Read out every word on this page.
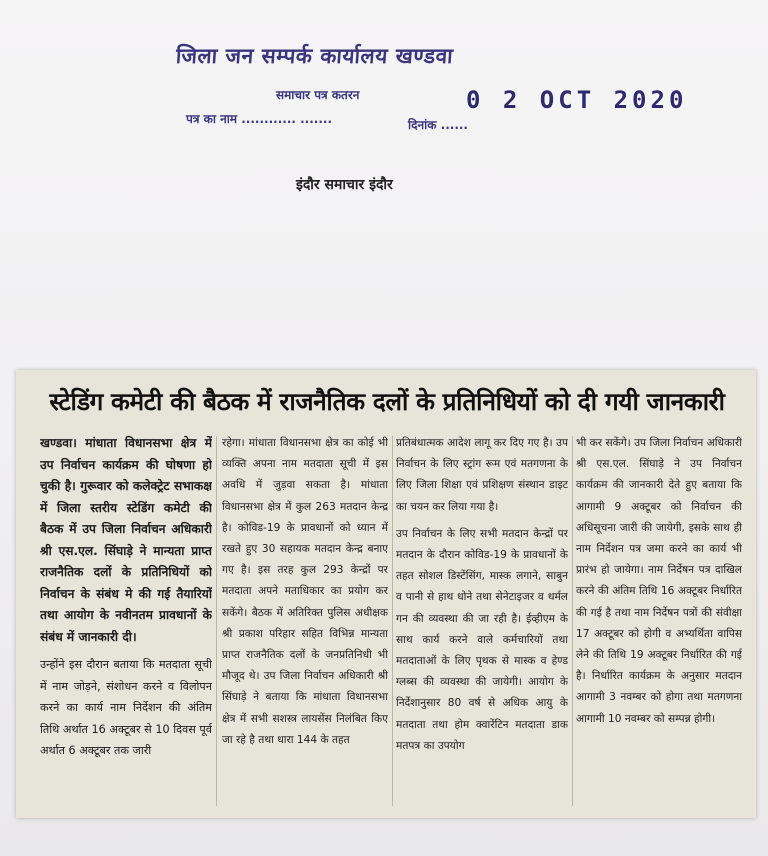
जिला जन सम्पर्क कार्यालय खण्डवा
समाचार पत्र कतरन	0 2 OCT 2020
पत्र का नाम ............ .......	दिनांक ......
इंदौर समाचार इंदौर
स्टेडिंग कमेटी की बैठक में राजनैतिक दलों के प्रतिनिधियों को दी गयी जानकारी

खण्डवा। मांधाता विधानसभा क्षेत्र में उप निर्वाचन कार्यक्रम की घोषणा हो चुकी है। गुरूवार को कलेक्ट्रेट सभाकक्ष में जिला स्तरीय स्टेडिंग कमेटी की बैठक में उप जिला निर्वाचन अधिकारी श्री एस.एल. सिंघाड़े ने मान्यता प्राप्त राजनैतिक दलों के प्रतिनिधियों को निर्वाचन के संबंध मे की गई तैयारियों तथा आयोग के नवीनतम प्रावधानों के संबंध में जानकारी दी।

उन्होंने इस दौरान बताया कि मतदाता सूची में नाम जोड़ने, संशोधन करने व विलोपन करने का कार्य नाम निर्देशन की अंतिम तिथि अर्थात 16 अक्टूबर से 10 दिवस पूर्व अर्थात 6 अक्टूबर तक जारी

रहेगा। मांधाता विधानसभा क्षेत्र का कोई भी व्यक्ति अपना नाम मतदाता सूची में इस अवधि में जुड़वा सकता है। मांधाता विधानसभा क्षेत्र में कुल 263 मतदान केन्द्र है। कोविड-19 के प्रावधानों को ध्यान में रखते हुए 30 सहायक मतदान केन्द्र बनाए गए है। इस तरह कुल 293 केन्द्रों पर मतदाता अपने मताधिकार का प्रयोग कर सकेंगे। बैठक में अतिरिक्त पुलिस अधीक्षक श्री प्रकाश परिहार सहित विभिन्न मान्यता प्राप्त राजनैतिक दलों के जनप्रतिनिधी भी मौजूद थे। उप जिला निर्वाचन अधिकारी श्री सिंघाड़े ने बताया कि मांधाता विधानसभा क्षेत्र में सभी सशस्त्र लायसेंस निलंबित किए जा रहे है तथा धारा 144 के तहत

प्रतिबंधात्मक आदेश लागू कर दिए गए है। उप निर्वाचन के लिए स्ट्रांग रूम एवं मतगणना के लिए जिला शिक्षा एवं प्रशिक्षण संस्थान डाइट का चयन कर लिया गया है।

उप निर्वाचन के लिए सभी मतदान केन्द्रों पर मतदान के दौरान कोविड-19 के प्रावधानों के तहत सोशल डिस्टेंसिंग, मास्क लगाने, साबुन व पानी से हाथ धोने तथा सेनेटाइजर व थर्मल गन की व्यवस्था की जा रही है। ईव्हीएम के साथ कार्य करने वाले कर्मचारियों तथा मतदाताओं के लिए पृथक से मास्क व हेण्ड ग्लब्स की व्यवस्था की जायेगी। आयोग के निर्देशानुसार 80 वर्ष से अधिक आयु के मतदाता तथा होम क्वारेंटिन मतदाता डाक मतपत्र का उपयोग

भी कर सकेंगे। उप जिला निर्वाचन अधिकारी श्री एस.एल. सिंघाड़े ने उप निर्वाचन कार्यक्रम की जानकारी देते हुए बताया कि आगामी 9 अक्टूबर को निर्वाचन की अधिसूचना जारी की जायेगी, इसके साथ ही नाम निर्देशन पत्र जमा करने का कार्य भी प्रारंभ हो जायेगा। नाम निर्देषन पत्र दाखिल करने की अंतिम तिथि 16 अक्टूबर निर्धारित की गई है तथा नाम निर्देषन पत्रों की संवीक्षा 17 अक्टूबर को होगी व अभ्यर्थिता वापिस लेने की तिथि 19 अक्टूबर निर्धारित की गई है। निर्धारित कार्यक्रम के अनुसार मतदान आगामी 3 नवम्बर को होगा तथा मतगणना आगामी 10 नवम्बर को सम्पन्न होगी।
